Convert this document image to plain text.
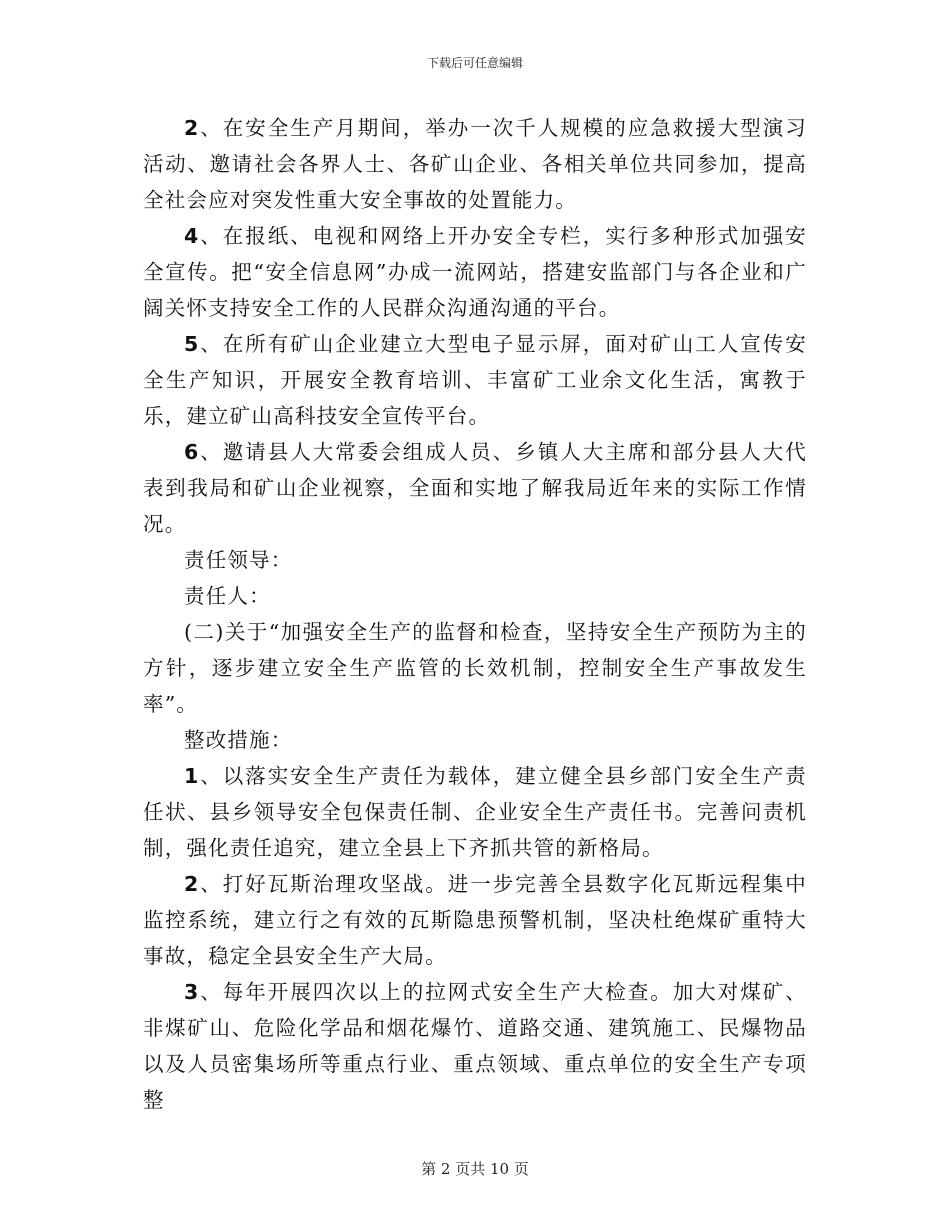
下载后可任意编辑

2、在安全生产月期间，举办一次千人规模的应急救援大型演习活动、邀请社会各界人士、各矿山企业、各相关单位共同参加，提高全社会应对突发性重大安全事故的处置能力。

4、在报纸、电视和网络上开办安全专栏，实行多种形式加强安全宣传。把“安全信息网”办成一流网站，搭建安监部门与各企业和广阔关怀支持安全工作的人民群众沟通沟通的平台。

5、在所有矿山企业建立大型电子显示屏，面对矿山工人宣传安全生产知识，开展安全教育培训、丰富矿工业余文化生活，寓教于乐，建立矿山高科技安全宣传平台。

6、邀请县人大常委会组成人员、乡镇人大主席和部分县人大代表到我局和矿山企业视察，全面和实地了解我局近年来的实际工作情况。

责任领导：

责任人：

(二)关于“加强安全生产的监督和检查，坚持安全生产预防为主的方针，逐步建立安全生产监管的长效机制，控制安全生产事故发生率”。

整改措施：

1、以落实安全生产责任为载体，建立健全县乡部门安全生产责任状、县乡领导安全包保责任制、企业安全生产责任书。完善问责机制，强化责任追究，建立全县上下齐抓共管的新格局。

2、打好瓦斯治理攻坚战。进一步完善全县数字化瓦斯远程集中监控系统，建立行之有效的瓦斯隐患预警机制，坚决杜绝煤矿重特大事故，稳定全县安全生产大局。

3、每年开展四次以上的拉网式安全生产大检查。加大对煤矿、非煤矿山、危险化学品和烟花爆竹、道路交通、建筑施工、民爆物品以及人员密集场所等重点行业、重点领域、重点单位的安全生产专项整

第 2 页共 10 页
